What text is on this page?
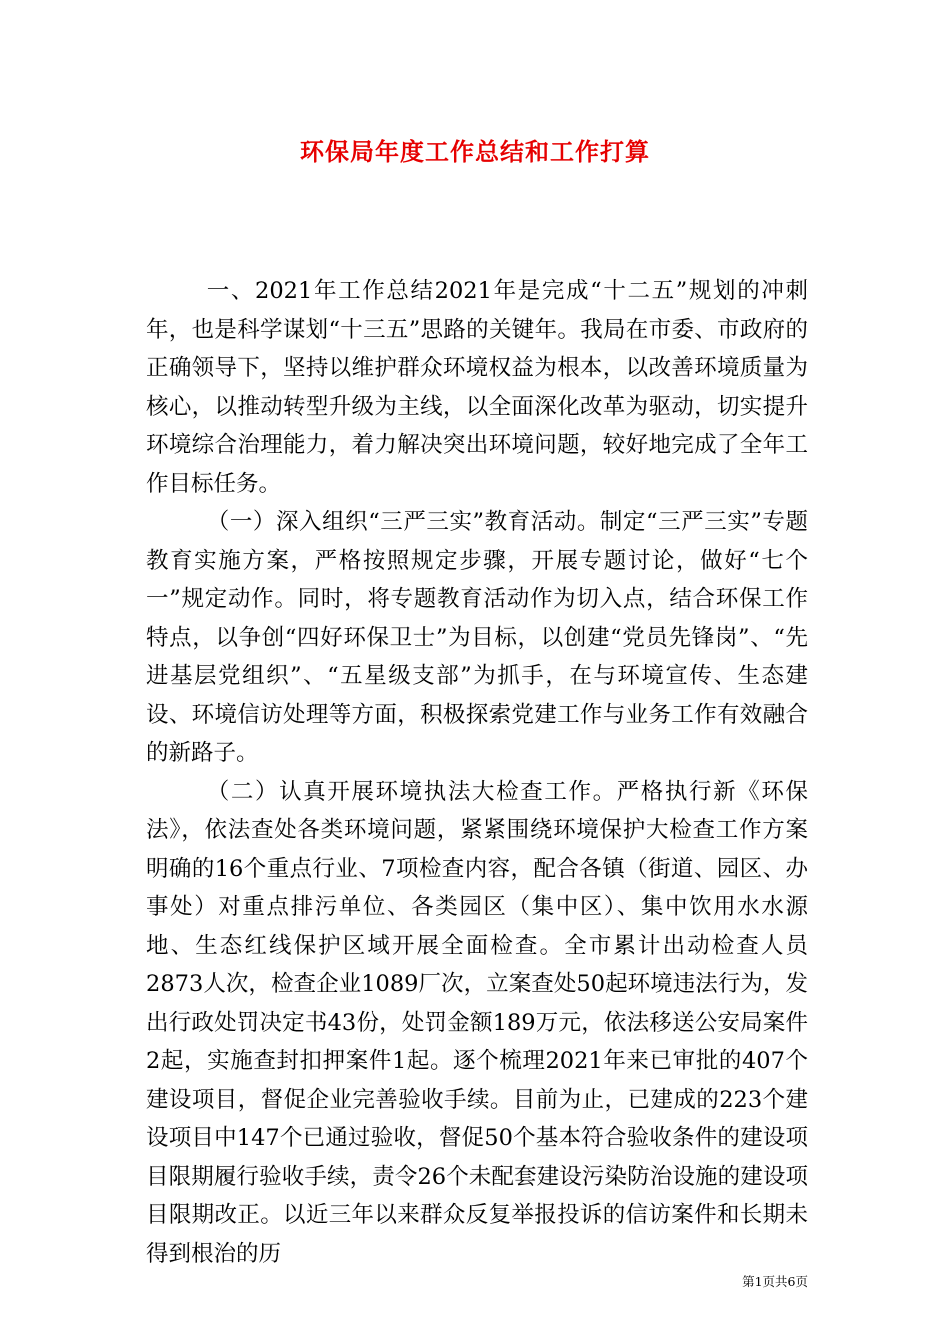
环保局年度工作总结和工作打算

一、2021年工作总结2021年是完成“十二五”规划的冲刺年，也是科学谋划“十三五”思路的关键年。我局在市委、市政府的正确领导下，坚持以维护群众环境权益为根本，以改善环境质量为核心，以推动转型升级为主线，以全面深化改革为驱动，切实提升环境综合治理能力，着力解决突出环境问题，较好地完成了全年工作目标任务。

（一）深入组织“三严三实”教育活动。制定“三严三实”专题教育实施方案，严格按照规定步骤，开展专题讨论，做好“七个一”规定动作。同时，将专题教育活动作为切入点，结合环保工作特点，以争创“四好环保卫士”为目标，以创建“党员先锋岗”、“先进基层党组织”、“五星级支部”为抓手，在与环境宣传、生态建设、环境信访处理等方面，积极探索党建工作与业务工作有效融合的新路子。

（二）认真开展环境执法大检查工作。严格执行新《环保法》，依法查处各类环境问题，紧紧围绕环境保护大检查工作方案明确的16个重点行业、7项检查内容，配合各镇（街道、园区、办事处）对重点排污单位、各类园区（集中区）、集中饮用水水源地、生态红线保护区域开展全面检查。全市累计出动检查人员2873人次，检查企业1089厂次，立案查处50起环境违法行为，发出行政处罚决定书43份，处罚金额189万元，依法移送公安局案件2起，实施查封扣押案件1起。逐个梳理2021年来已审批的407个建设项目，督促企业完善验收手续。目前为止，已建成的223个建设项目中147个已通过验收，督促50个基本符合验收条件的建设项目限期履行验收手续，责令26个未配套建设污染防治设施的建设项目限期改正。以近三年以来群众反复举报投诉的信访案件和长期未得到根治的历

第1页共6页
